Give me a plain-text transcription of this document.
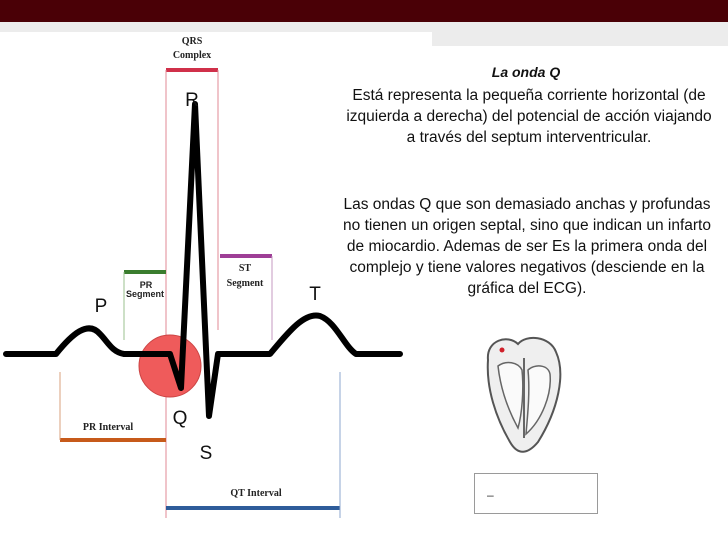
QRS
Complex
PR
Segment
ST
Segment
R
P
T
Q
S
PR Interval
QT Interval
La onda Q
Está representa la pequeña corriente horizontal (de izquierda a derecha) del potencial de acción viajando a través del septum interventricular.
Las ondas Q que son demasiado anchas y profundas no tienen un origen septal, sino que indican un infarto de miocardio. Ademas de ser Es la primera onda del complejo y tiene valores negativos (desciende en la gráfica del ECG).
–
